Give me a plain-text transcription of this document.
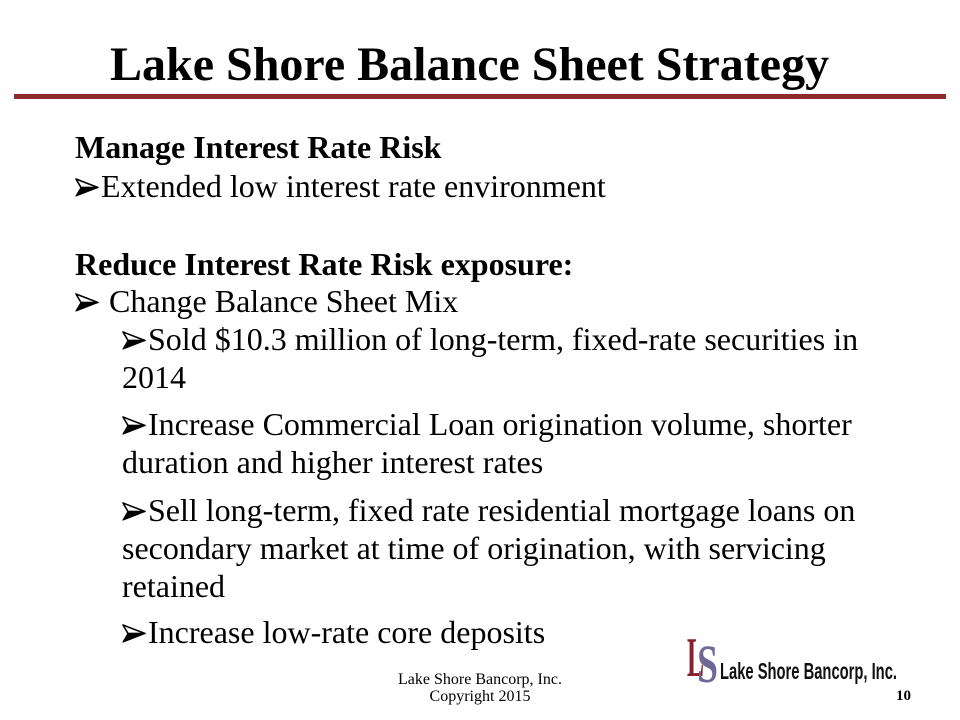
Lake Shore Balance Sheet Strategy
Manage Interest Rate Risk
Extended low interest rate environment
Reduce Interest Rate Risk exposure:
Change Balance Sheet Mix
Sold $10.3 million of long-term, fixed-rate securities in 2014
Increase Commercial Loan origination volume, shorter duration and higher interest rates
Sell long-term, fixed rate residential mortgage loans on secondary market at time of origination, with servicing retained
Increase low-rate core deposits
Lake Shore Bancorp, Inc.
Copyright 2015	10
L
S Lake Shore Bancorp, Inc.
